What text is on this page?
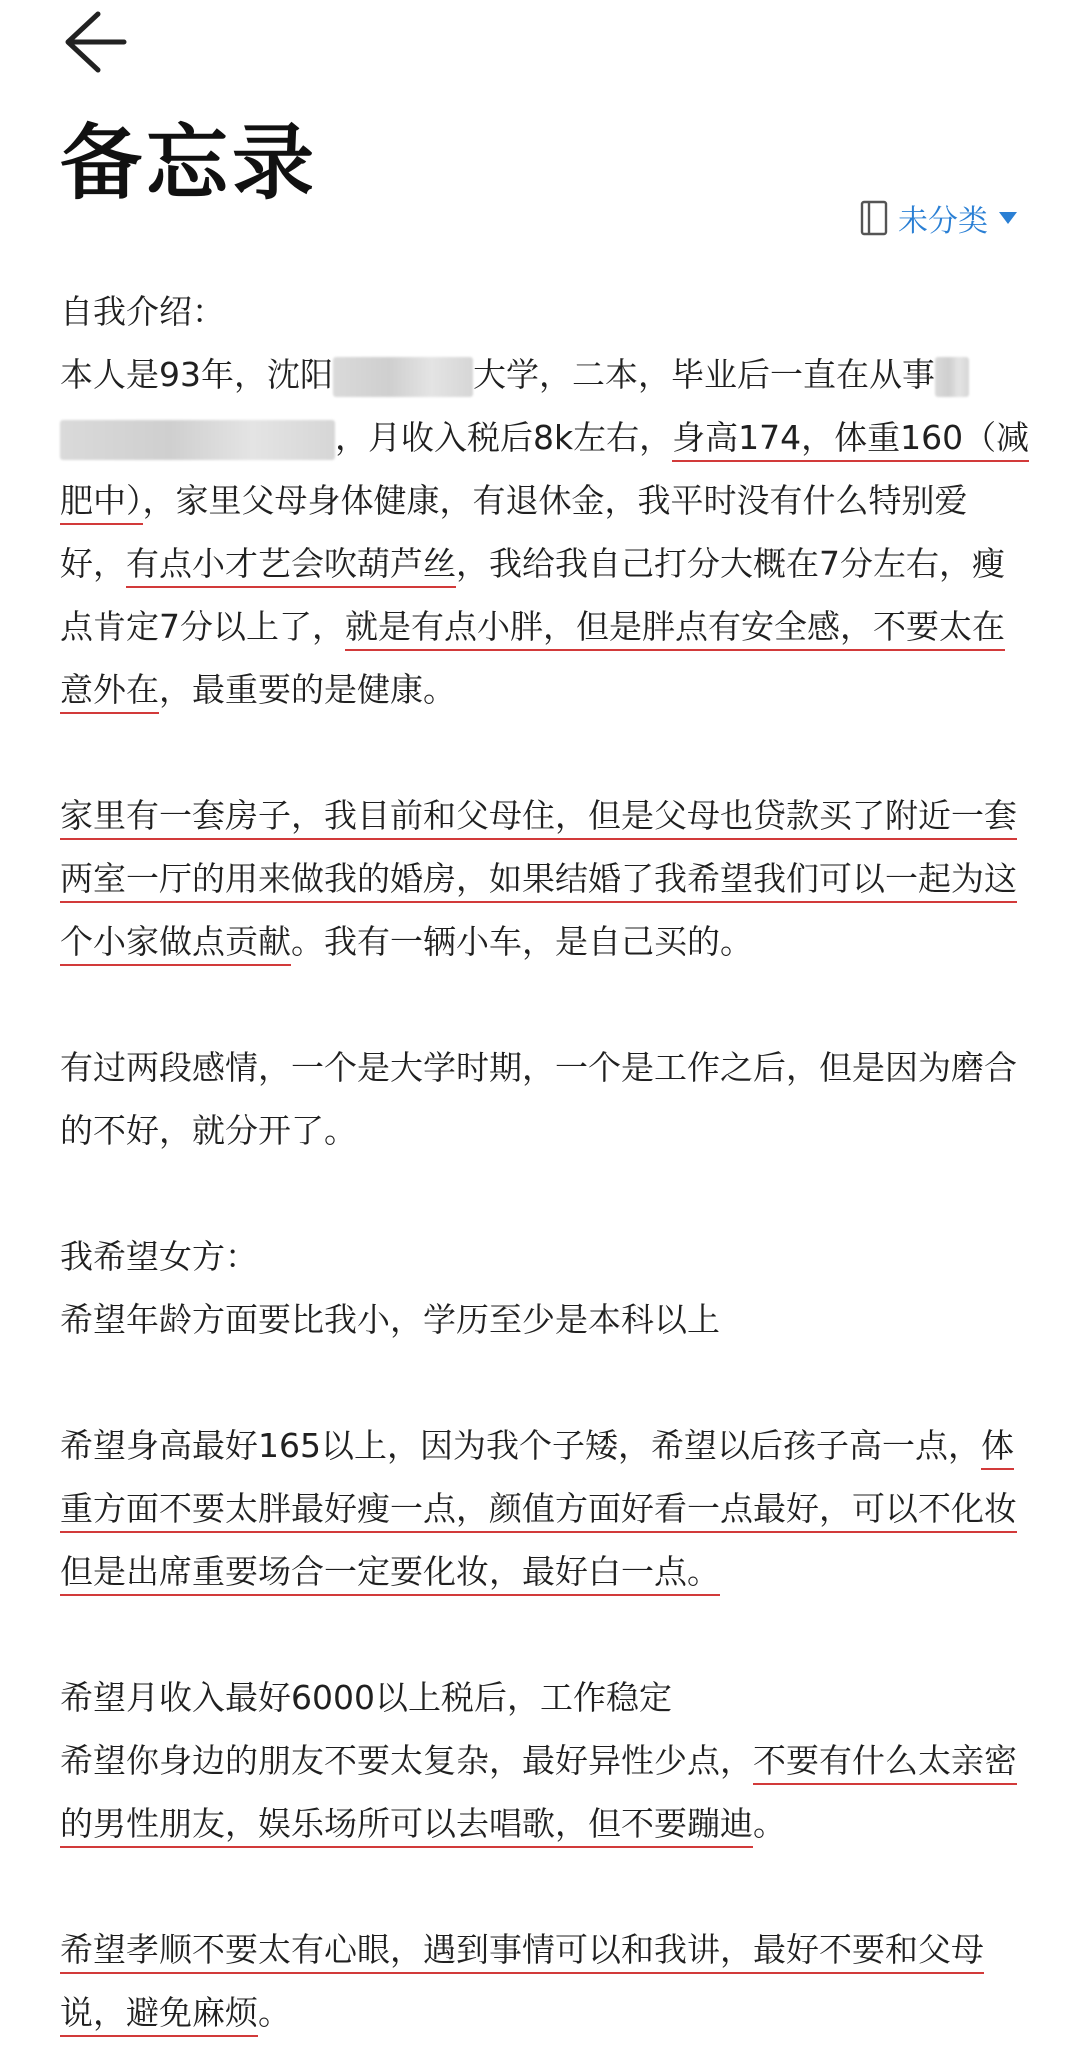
备忘录
未分类

自我介绍：

本人是93年，沈阳	大学，二本，毕业后一直在从事，月收入税后8k左右，身高174，体重160（减肥中），家里父母身体健康，有退休金，我平时没有什么特别爱好，有点小才艺会吹葫芦丝，我给我自己打分大概在7分左右，瘦点肯定7分以上了，就是有点小胖，但是胖点有安全感，不要太在意外在，最重要的是健康。

家里有一套房子，我目前和父母住，但是父母也贷款买了附近一套两室一厅的用来做我的婚房，如果结婚了我希望我们可以一起为这个小家做点贡献。我有一辆小车，是自己买的。

有过两段感情，一个是大学时期，一个是工作之后，但是因为磨合的不好，就分开了。

我希望女方：

希望年龄方面要比我小，学历至少是本科以上

希望身高最好165以上，因为我个子矮，希望以后孩子高一点，体重方面不要太胖最好瘦一点，颜值方面好看一点最好，可以不化妆但是出席重要场合一定要化妆，最好白一点。

希望月收入最好6000以上税后，工作稳定

希望你身边的朋友不要太复杂，最好异性少点，不要有什么太亲密的男性朋友，娱乐场所可以去唱歌，但不要蹦迪。

希望孝顺不要太有心眼，遇到事情可以和我讲，最好不要和父母说，避免麻烦。
